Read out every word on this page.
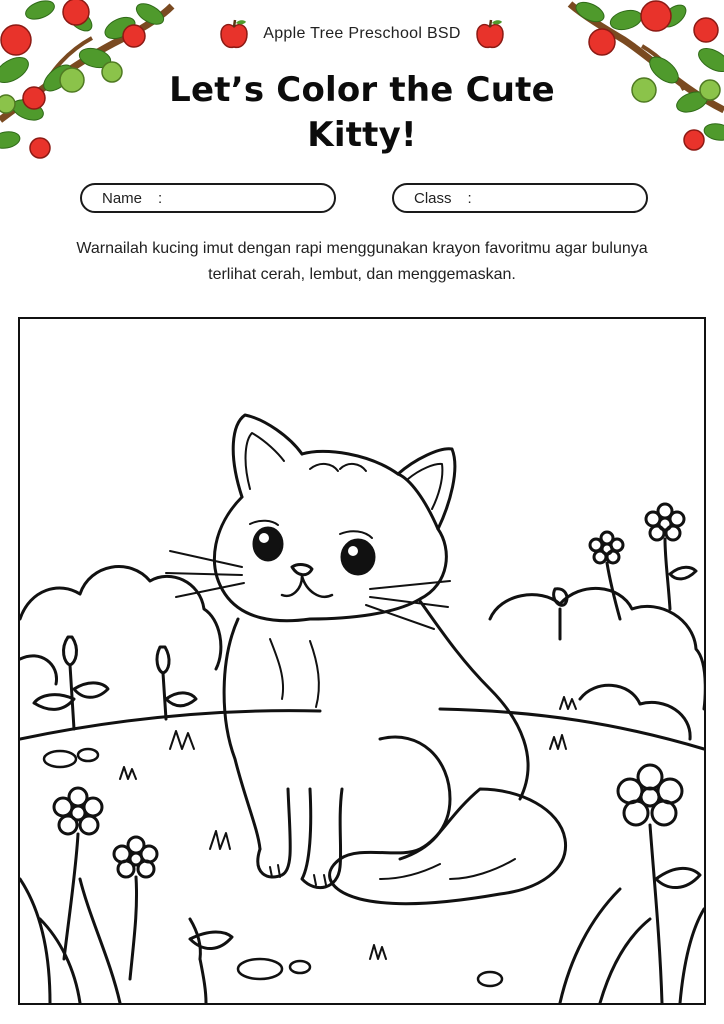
Apple Tree Preschool BSD
Let’s Color the Cute Kitty!
Name :	Class :

Warnailah kucing imut dengan rapi menggunakan krayon favoritmu agar bulunya terlihat cerah, lembut, dan menggemaskan.
